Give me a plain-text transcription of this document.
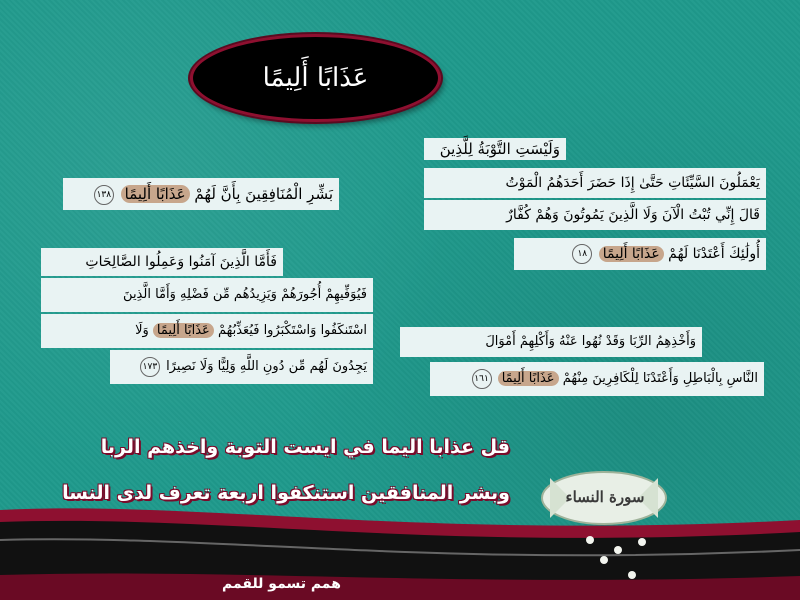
عَذَابًا أَلِيمًا
بَشِّرِ الْمُنَافِقِينَ بِأَنَّ لَهُمْ عَذَابًا أَلِيمًا ١٣٨
وَلَيْسَتِ التَّوْبَةُ لِلَّذِينَ
يَعْمَلُونَ السَّيِّئَاتِ حَتَّىٰ إِذَا حَضَرَ أَحَدَهُمُ الْمَوْتُ
قَالَ إِنِّي تُبْتُ الْآنَ وَلَا الَّذِينَ يَمُوتُونَ وَهُمْ كُفَّارٌ
أُولَٰئِكَ أَعْتَدْنَا لَهُمْ عَذَابًا أَلِيمًا ١٨
فَأَمَّا الَّذِينَ آمَنُوا وَعَمِلُوا الصَّالِحَاتِ
فَيُوَفِّيهِمْ أُجُورَهُمْ وَيَزِيدُهُم مِّن فَضْلِهِ وَأَمَّا الَّذِينَ
اسْتَنكَفُوا وَاسْتَكْبَرُوا فَيُعَذِّبُهُمْ عَذَابًا أَلِيمًا وَلَا
يَجِدُونَ لَهُم مِّن دُونِ اللَّهِ وَلِيًّا وَلَا نَصِيرًا ١٧٣
وَأَخْذِهِمُ الرِّبَا وَقَدْ نُهُوا عَنْهُ وَأَكْلِهِمْ أَمْوَالَ
النَّاسِ بِالْبَاطِلِ وَأَعْتَدْنَا لِلْكَافِرِينَ مِنْهُمْ عَذَابًا أَلِيمًا ١٦١
قل عذابا اليما في ايست التوبة واخذهم الربا
وبشر المنافقين استنكفوا اربعة تعرف لدى النسا	سورة النساء
همم تسمو للقمم
